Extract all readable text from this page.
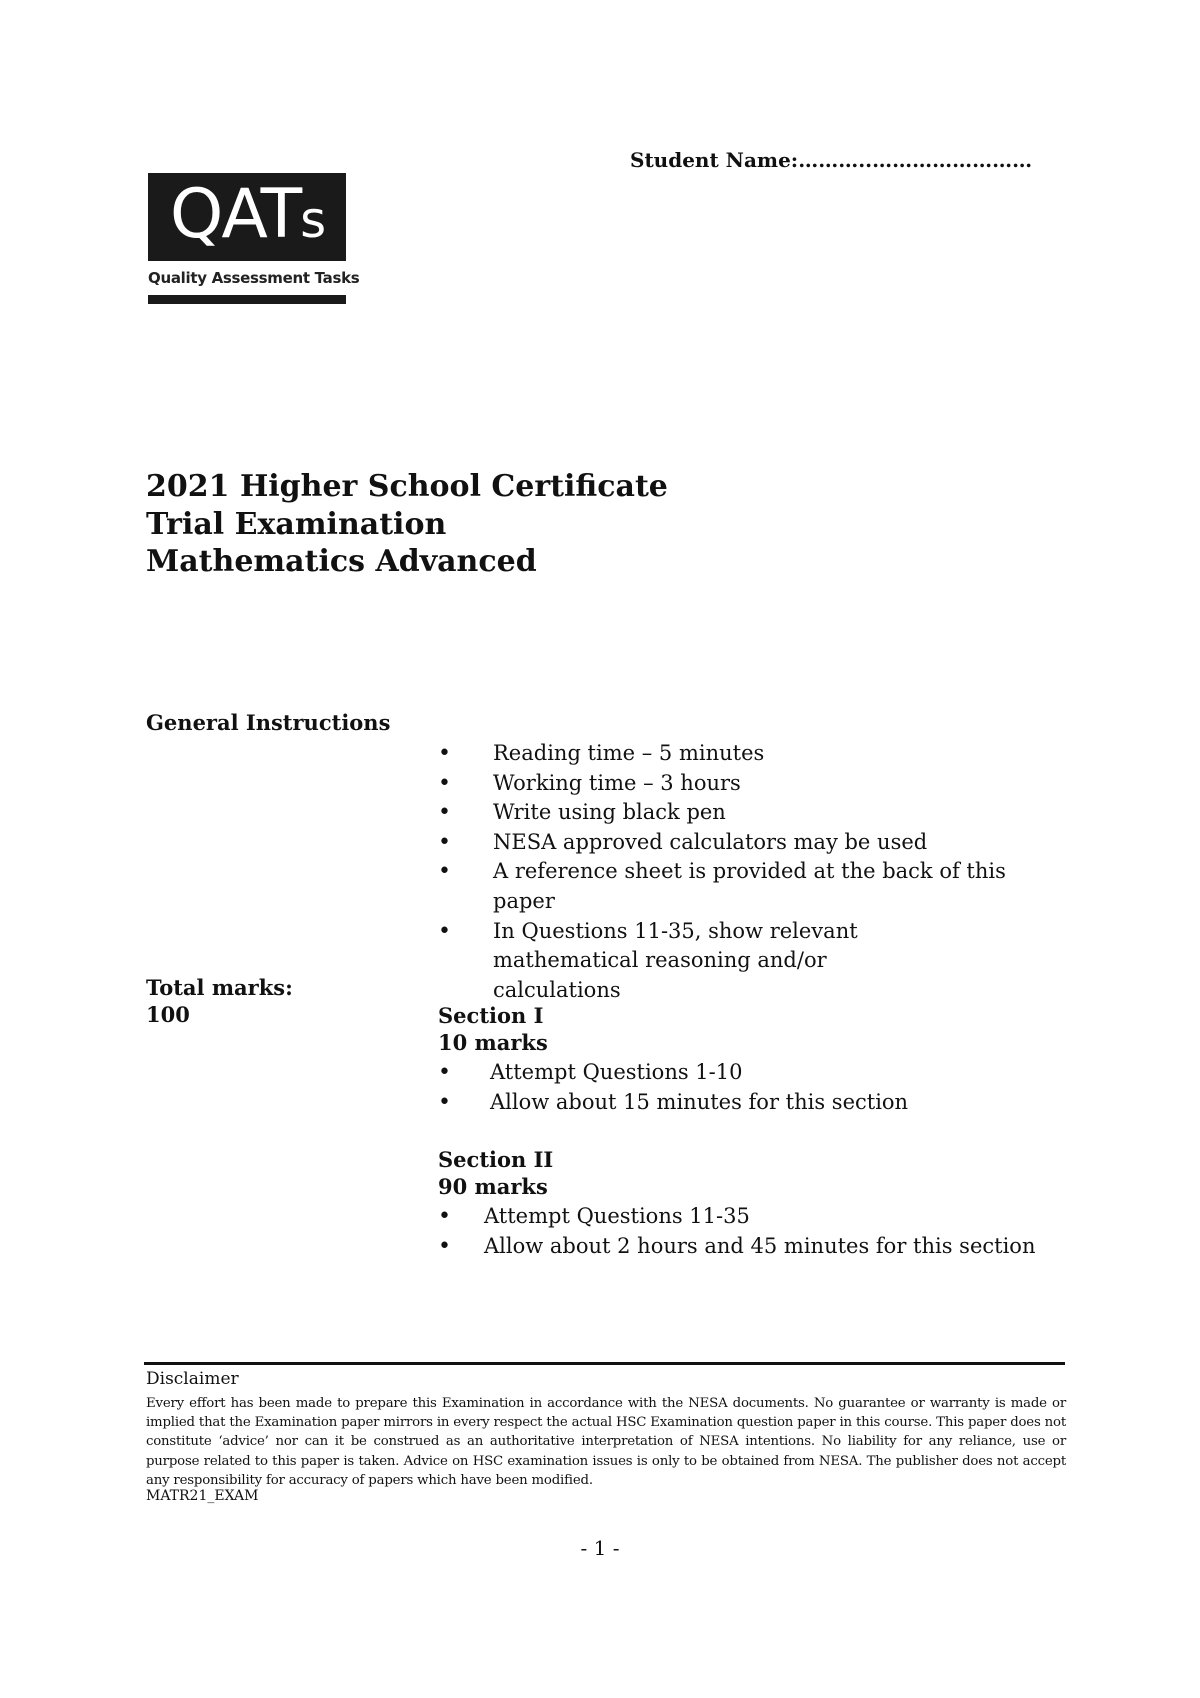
Student Name:………..……………………
QATs
Quality Assessment Tasks
2021 Higher School Certificate
Trial Examination
Mathematics Advanced
General Instructions
• Reading time – 5 minutes
• Working time – 3 hours
• Write using black pen
• NESA approved calculators may be used
• A reference sheet is provided at the back of this paper
• In Questions 11-35, show relevant mathematical reasoning and/or calculations
Total marks:
100	Section I
10 marks
• Attempt Questions 1-10
• Allow about 15 minutes for this section
Section II
90 marks
• Attempt Questions 11-35
• Allow about 2 hours and 45 minutes for this section
Disclaimer
Every effort has been made to prepare this Examination in accordance with the NESA documents. No guarantee or warranty is made or implied that the Examination paper mirrors in every respect the actual HSC Examination question paper in this course. This paper does not constitute ‘advice’ nor can it be construed as an authoritative interpretation of NESA intentions. No liability for any reliance, use or purpose related to this paper is taken. Advice on HSC examination issues is only to be obtained from NESA. The publisher does not accept any responsibility for accuracy of papers which have been modified.
MATR21_EXAM
- 1 -
